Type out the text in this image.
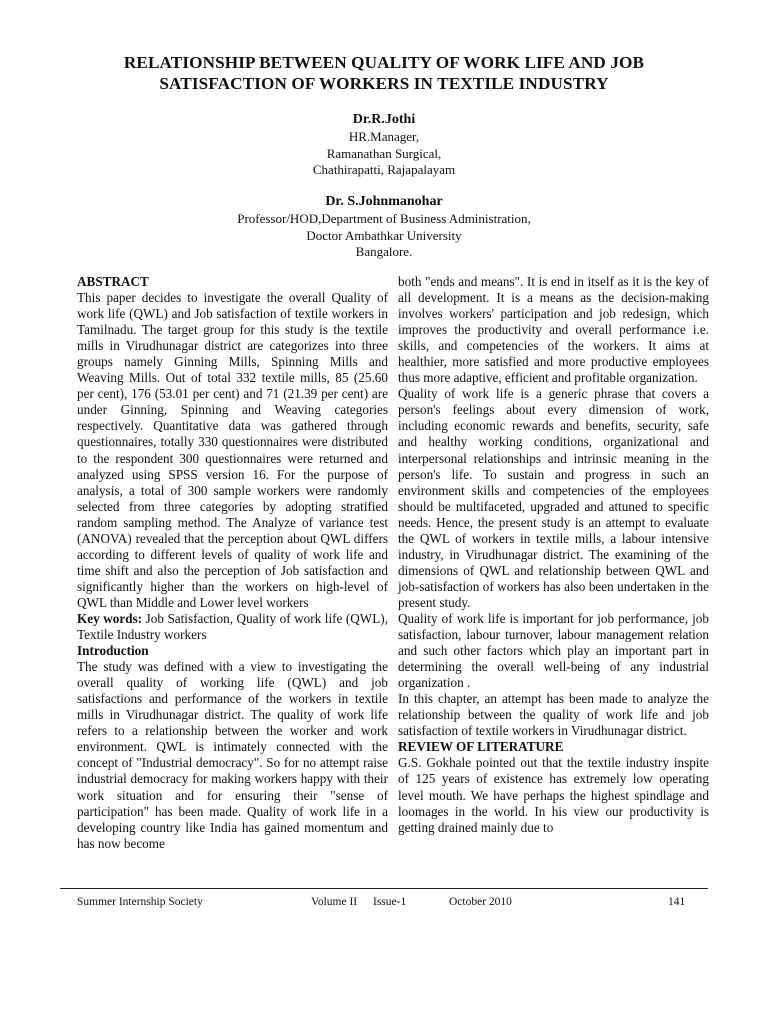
RELATIONSHIP BETWEEN QUALITY OF WORK LIFE AND JOB
SATISFACTION OF WORKERS IN TEXTILE INDUSTRY
Dr.R.Jothi
HR.Manager,
Ramanathan Surgical,
Chathirapatti, Rajapalayam
Dr. S.Johnmanohar
Professor/HOD,Department of Business Administration,
Doctor Ambathkar University
Bangalore.

ABSTRACT

This paper decides to investigate the overall Quality of work life (QWL) and Job satisfaction of textile workers in Tamilnadu. The target group for this study is the textile mills in Virudhunagar district are categorizes into three groups namely Ginning Mills, Spinning Mills and Weaving Mills. Out of total 332 textile mills, 85 (25.60 per cent), 176 (53.01 per cent) and 71 (21.39 per cent) are under Ginning, Spinning and Weaving categories respectively. Quantitative data was gathered through questionnaires, totally 330 questionnaires were distributed to the respondent 300 questionnaires were returned and analyzed using SPSS version 16. For the purpose of analysis, a total of 300 sample workers were randomly selected from three categories by adopting stratified random sampling method. The Analyze of variance test (ANOVA) revealed that the perception about QWL differs according to different levels of quality of work life and time shift and also the perception of Job satisfaction and significantly higher than the workers on high-level of QWL than Middle and Lower level workers

Key words: Job Satisfaction, Quality of work life (QWL), Textile Industry workers

Introduction

The study was defined with a view to investigating the overall quality of working life (QWL) and job satisfactions and performance of the workers in textile mills in Virudhunagar district. The quality of work life refers to a relationship between the worker and work environment. QWL is intimately connected with the concept of "Industrial democracy". So for no attempt raise industrial democracy for making workers happy with their work situation and for ensuring their "sense of participation" has been made. Quality of work life in a developing country like India has gained momentum and has now become

both "ends and means". It is end in itself as it is the key of all development. It is a means as the decision-making involves workers' participation and job redesign, which improves the productivity and overall performance i.e. skills, and competencies of the workers. It aims at healthier, more satisfied and more productive employees thus more adaptive, efficient and profitable organization.

Quality of work life is a generic phrase that covers a person's feelings about every dimension of work, including economic rewards and benefits, security, safe and healthy working conditions, organizational and interpersonal relationships and intrinsic meaning in the person's life. To sustain and progress in such an environment skills and competencies of the employees should be multifaceted, upgraded and attuned to specific needs. Hence, the present study is an attempt to evaluate the QWL of workers in textile mills, a labour intensive industry, in Virudhunagar district. The examining of the dimensions of QWL and relationship between QWL and job-satisfaction of workers has also been undertaken in the present study.

Quality of work life is important for job performance, job satisfaction, labour turnover, labour management relation and such other factors which play an important part in determining the overall well-being of any industrial organization .

In this chapter, an attempt has been made to analyze the relationship between the quality of work life and job satisfaction of textile workers in Virudhunagar district.

REVIEW OF LITERATURE

G.S. Gokhale pointed out that the textile industry inspite of 125 years of existence has extremely low operating level mouth. We have perhaps the highest spindlage and loomages in the world. In his view our productivity is getting drained mainly due to

Summer Internship Society	Volume II Issue-1	October 2010	141
